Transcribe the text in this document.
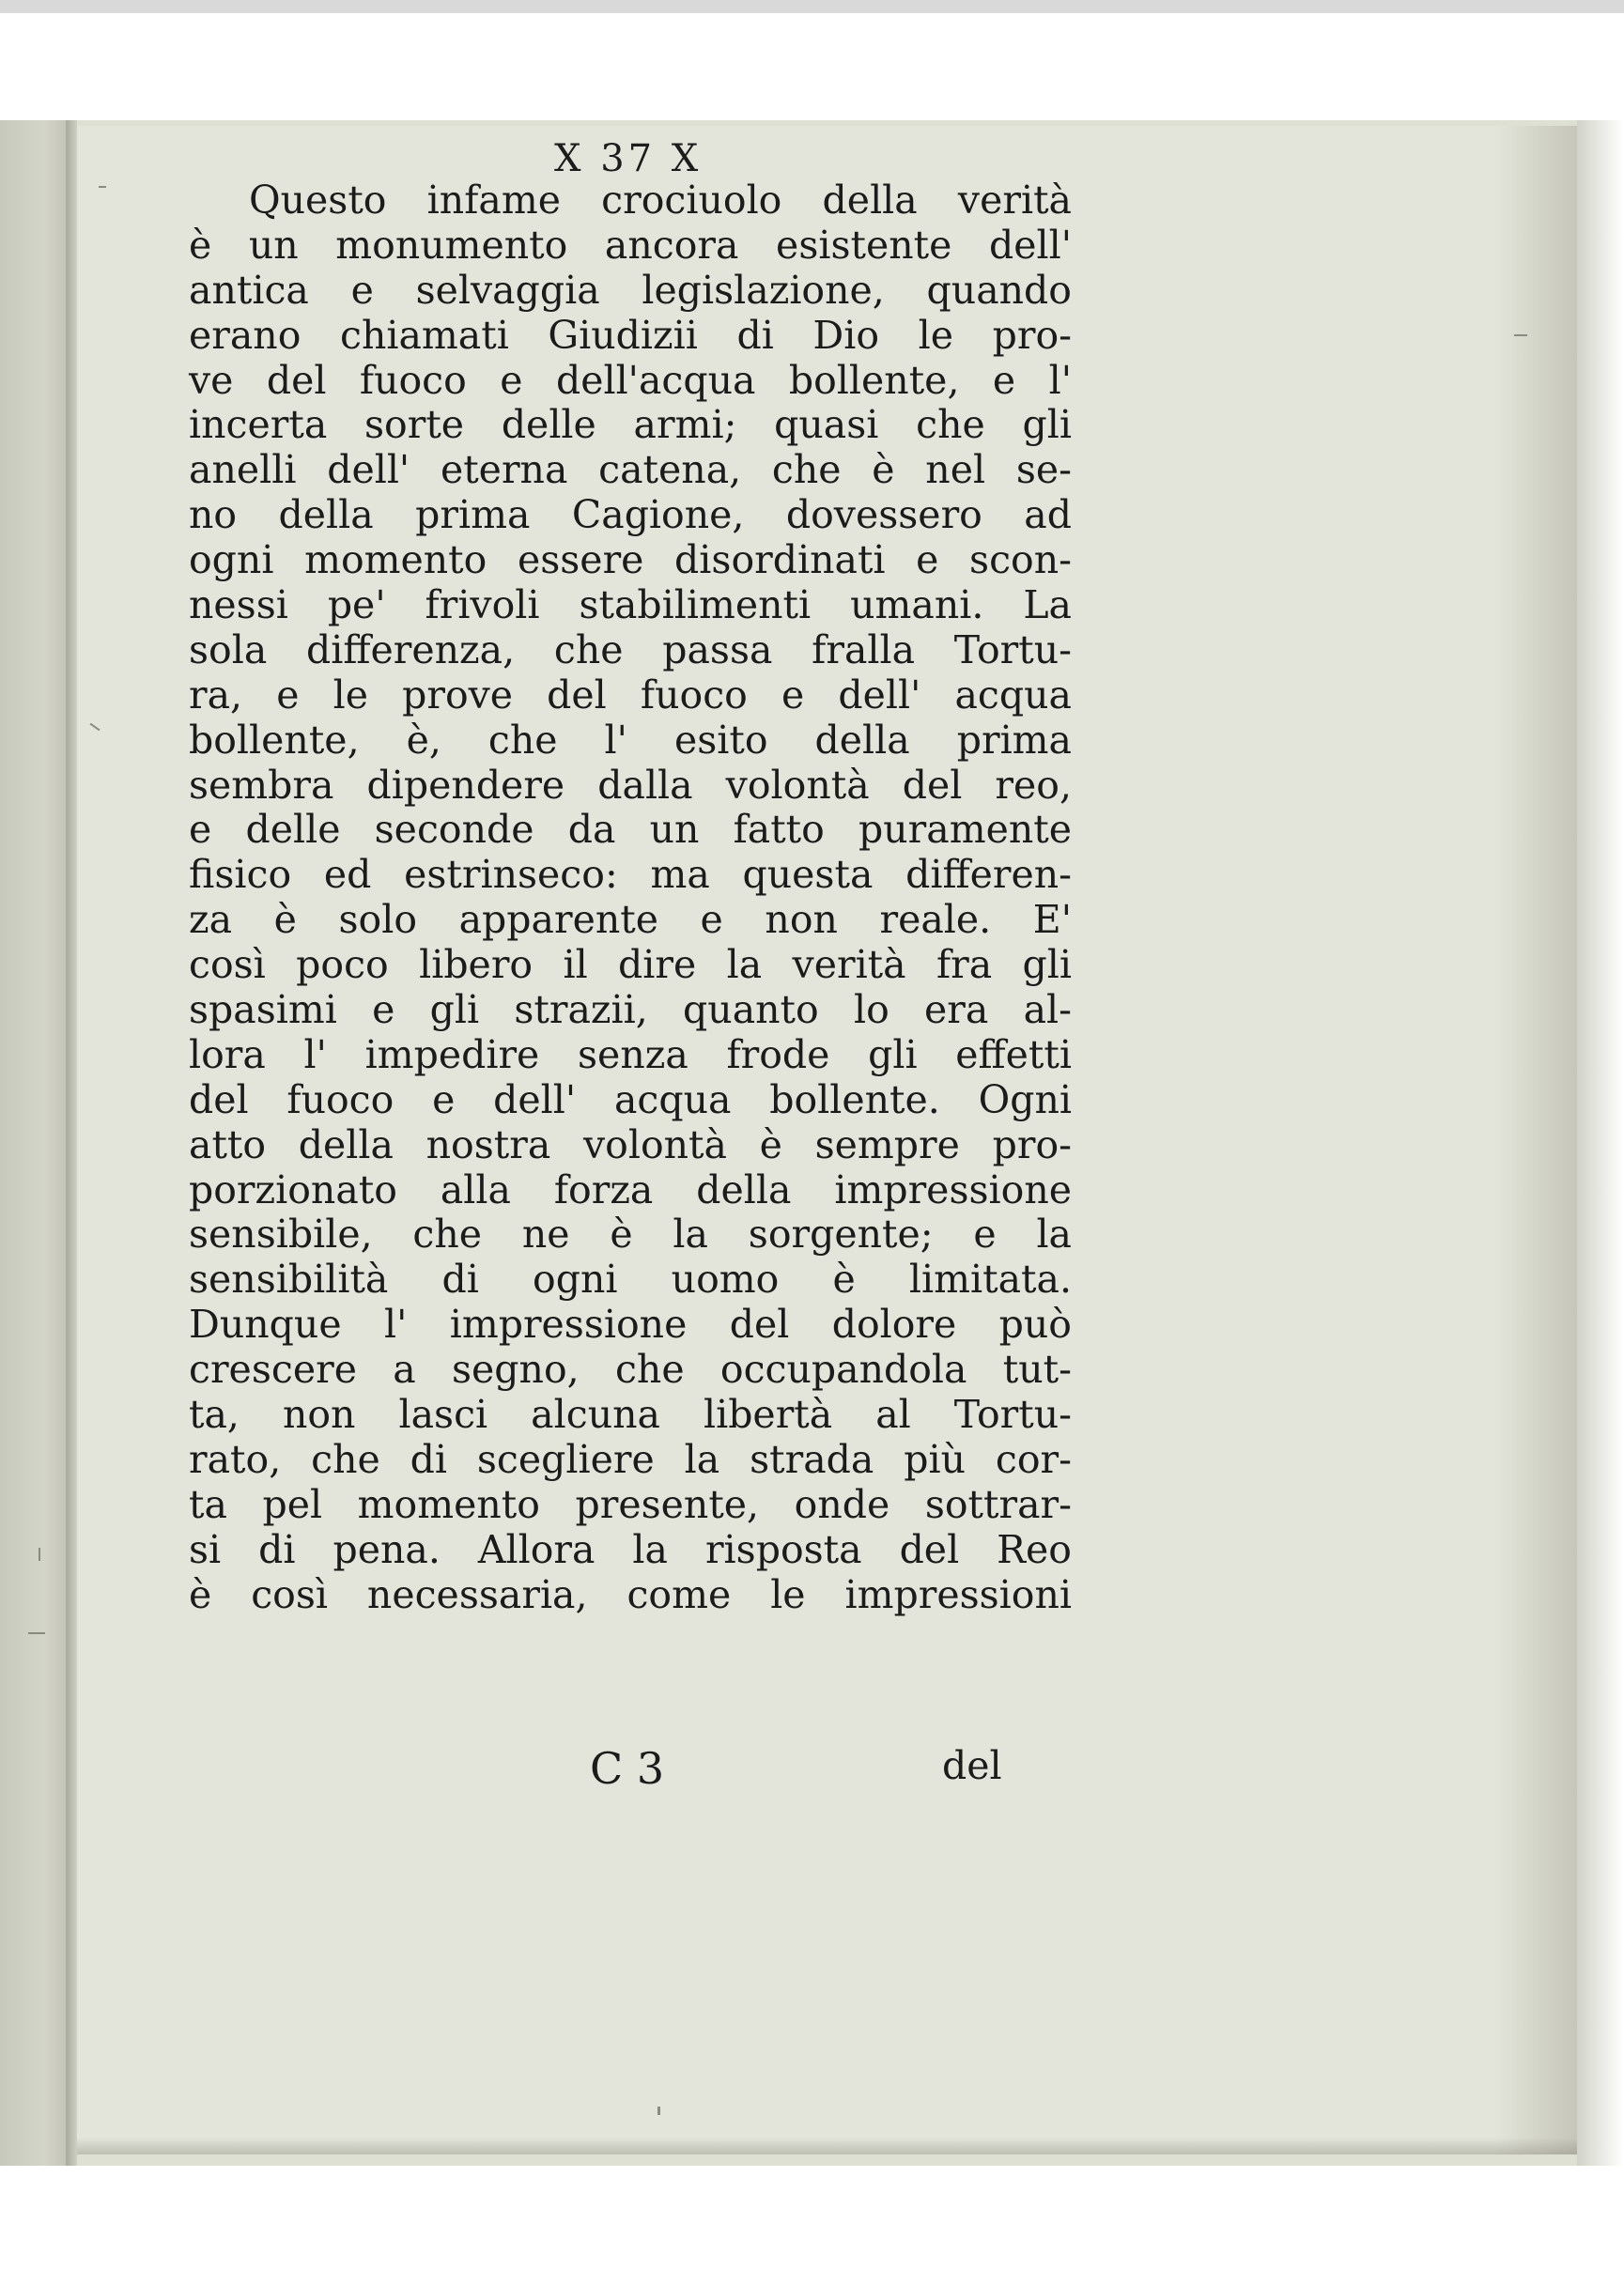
X 37 X
Questo infame crociuolo della verità
è un monumento ancora esistente dell'
antica e selvaggia legislazione, quando
erano chiamati Giudizii di Dio le pro-
ve del fuoco e dell'acqua bollente, e l'
incerta sorte delle armi; quasi che gli
anelli dell' eterna catena, che è nel se-
no della prima Cagione, dovessero ad
ogni momento essere disordinati e scon-
nessi pe' frivoli stabilimenti umani. La
sola differenza, che passa fralla Tortu-
ra, e le prove del fuoco e dell' acqua
bollente, è, che l' esito della prima
sembra dipendere dalla volontà del reo,
e delle seconde da un fatto puramente
fisico ed estrinseco: ma questa differen-
za è solo apparente e non reale. E'
così poco libero il dire la verità fra gli
spasimi e gli strazii, quanto lo era al-
lora l' impedire senza frode gli effetti
del fuoco e dell' acqua bollente. Ogni
atto della nostra volontà è sempre pro-
porzionato alla forza della impressione
sensibile, che ne è la sorgente; e la
sensibilità di ogni uomo è limitata.
Dunque l' impressione del dolore può
crescere a segno, che occupandola tut-
ta, non lasci alcuna libertà al Tortu-
rato, che di scegliere la strada più cor-
ta pel momento presente, onde sottrar-
si di pena. Allora la risposta del Reo
è così necessaria, come le impressioni
C 3	del
